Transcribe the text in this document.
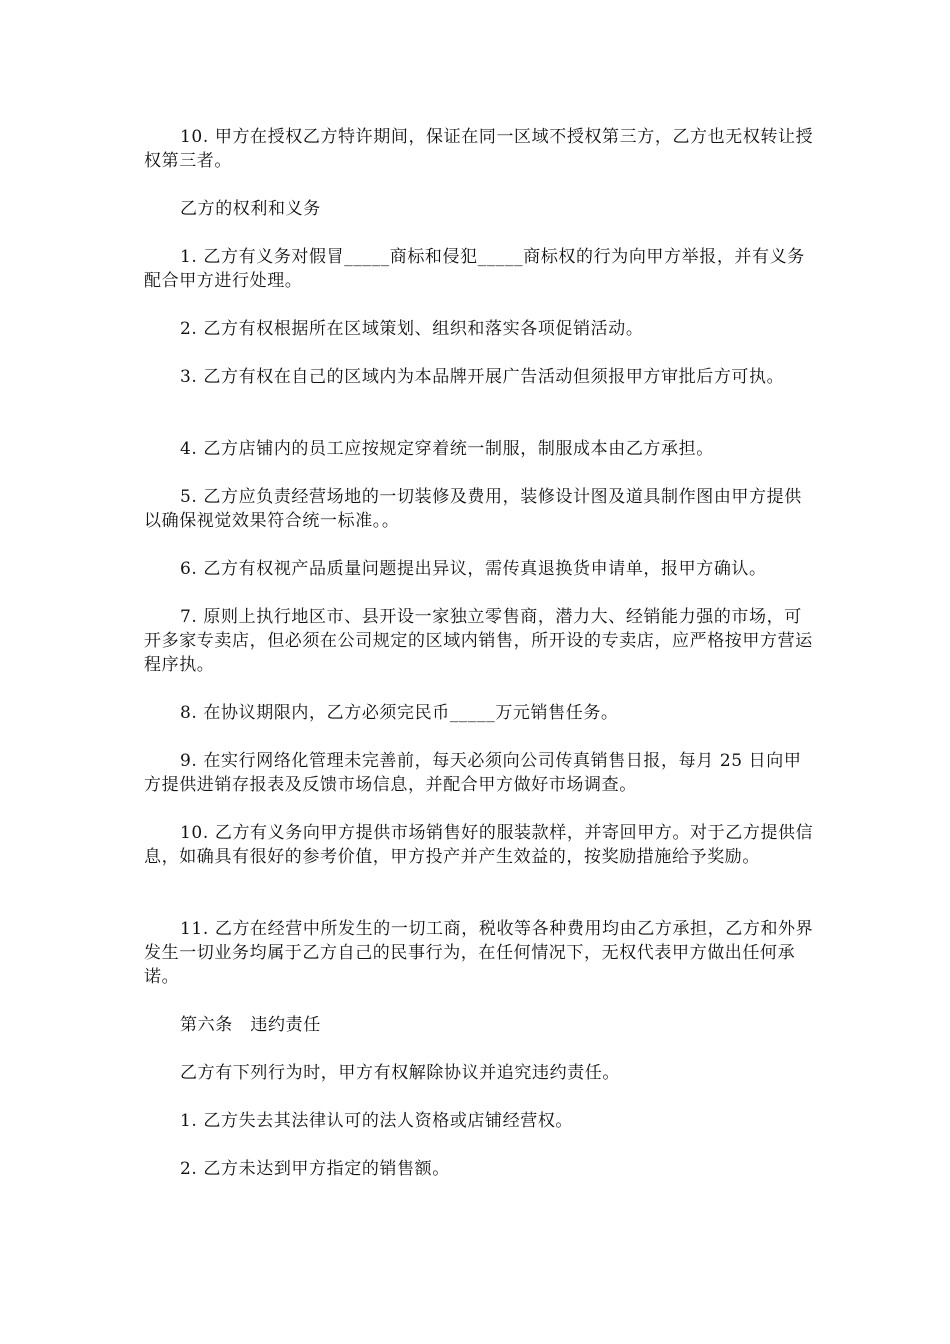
10. 甲方在授权乙方特许期间，保证在同一区域不授权第三方，乙方也无权转让授权第三者。

乙方的权利和义务

1. 乙方有义务对假冒_____商标和侵犯_____商标权的行为向甲方举报，并有义务配合甲方进行处理。

2. 乙方有权根据所在区域策划、组织和落实各项促销活动。

3. 乙方有权在自己的区域内为本品牌开展广告活动但须报甲方审批后方可执。

4. 乙方店铺内的员工应按规定穿着统一制服，制服成本由乙方承担。

5. 乙方应负责经营场地的一切装修及费用，装修设计图及道具制作图由甲方提供以确保视觉效果符合统一标准。。

6. 乙方有权视产品质量问题提出异议，需传真退换货申请单，报甲方确认。

7. 原则上执行地区市、县开设一家独立零售商，潜力大、经销能力强的市场，可开多家专卖店，但必须在公司规定的区域内销售，所开设的专卖店，应严格按甲方营运程序执。

8. 在协议期限内，乙方必须完民币_____万元销售任务。

9. 在实行网络化管理未完善前，每天必须向公司传真销售日报，每月 25 日向甲方提供进销存报表及反馈市场信息，并配合甲方做好市场调查。

10. 乙方有义务向甲方提供市场销售好的服装款样，并寄回甲方。对于乙方提供信息，如确具有很好的参考价值，甲方投产并产生效益的，按奖励措施给予奖励。

11. 乙方在经营中所发生的一切工商，税收等各种费用均由乙方承担，乙方和外界发生一切业务均属于乙方自己的民事行为，在任何情况下，无权代表甲方做出任何承诺。

第六条　违约责任

乙方有下列行为时，甲方有权解除协议并追究违约责任。

1. 乙方失去其法律认可的法人资格或店铺经营权。

2. 乙方未达到甲方指定的销售额。
